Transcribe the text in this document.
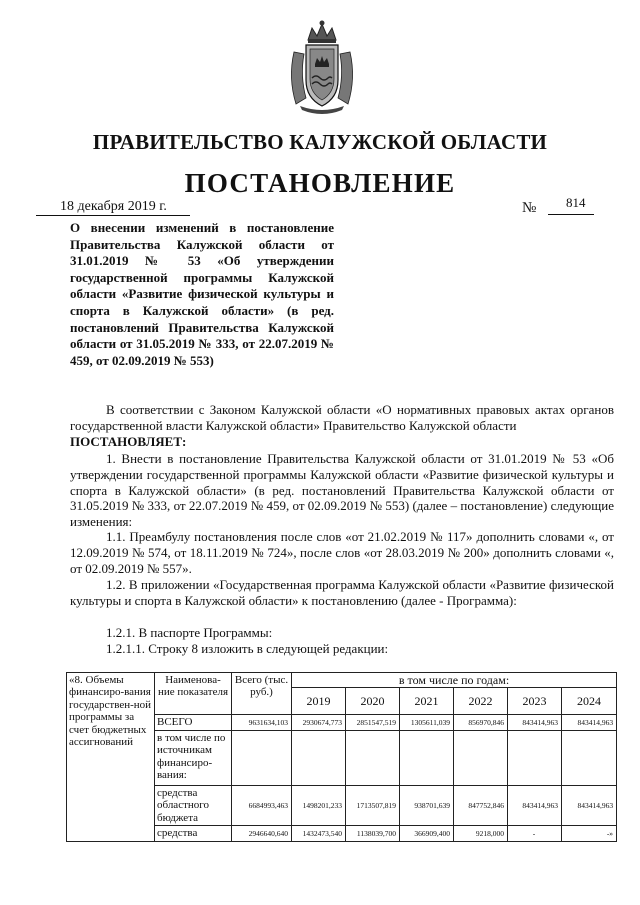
ПРАВИТЕЛЬСТВО КАЛУЖСКОЙ ОБЛАСТИ
ПОСТАНОВЛЕНИЕ
18 декабря 2019 г.	№ 814
О внесении изменений в постановление Правительства Калужской области от 31.01.2019 № 53 «Об утверждении государственной программы Калужской области «Развитие физической культуры и спорта в Калужской области» (в ред. постановлений Правительства Калужской области от 31.05.2019 № 333, от 22.07.2019 № 459, от 02.09.2019 № 553)
В соответствии с Законом Калужской области «О нормативных правовых актах органов государственной власти Калужской области» Правительство Калужской области
ПОСТАНОВЛЯЕТ:
1. Внести в постановление Правительства Калужской области от 31.01.2019 № 53 «Об утверждении государственной программы Калужской области «Развитие физической культуры и спорта в Калужской области» (в ред. постановлений Правительства Калужской области от 31.05.2019 № 333, от 22.07.2019 № 459, от 02.09.2019 № 553) (далее – постановление) следующие изменения:
1.1. Преамбулу постановления после слов «от 21.02.2019 № 117» дополнить словами «, от 12.09.2019 № 574, от 18.11.2019 № 724», после слов «от 28.03.2019 № 200» дополнить словами «, от 02.09.2019 № 557».
1.2. В приложении «Государственная программа Калужской области «Развитие физической культуры и спорта в Калужской области» к постановлению (далее - Программа):
1.2.1. В паспорте Программы:
1.2.1.1. Строку 8 изложить в следующей редакции:
«8. Объемы финансиро-вания государствен-ной программы за счет бюджетных ассигнований	Наименова-ние показателя	Всего (тыс. руб.)	в том числе по годам:					
			2019	2020	2021	2022	2023	2024
	ВСЕГО	9631634,103	2930674,773	2851547,519	1305611,039	856970,846	843414,963	843414,963
	в том числе по источникам финансиро-вания:							
	средства областного бюджета	6684993,463	1498201,233	1713507,819	938701,639	847752,846	843414,963	843414,963
	средства	2946640,640	1432473,540	1138039,700	366909,400	9218,000	-	-»
